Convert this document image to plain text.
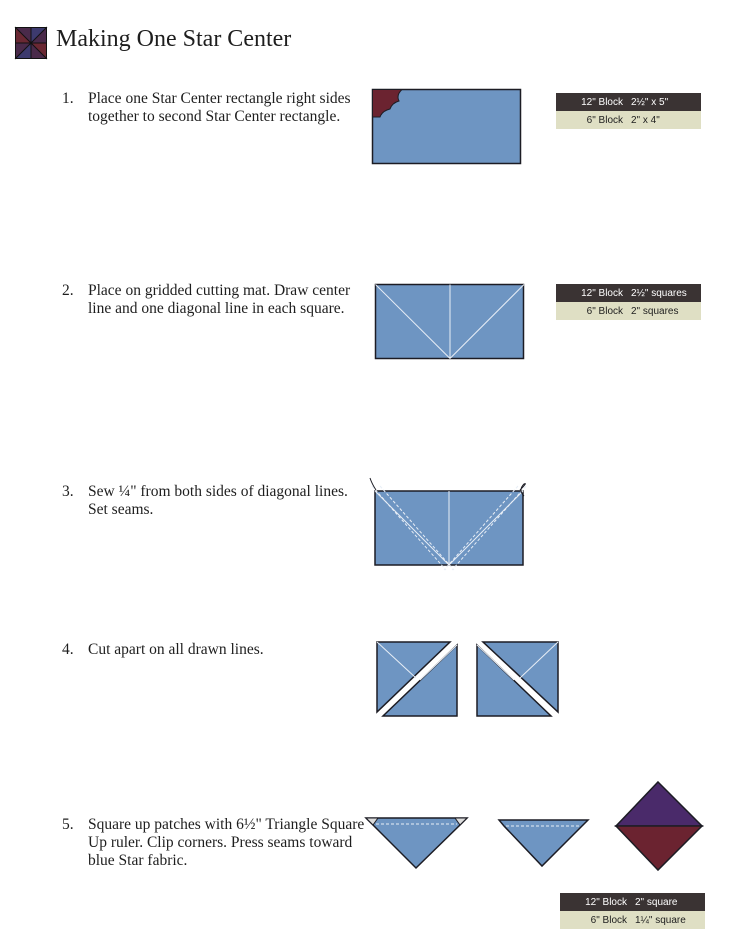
Making One Star Center
1. Place one Star Center rectangle right sides together to second Star Center rectangle.
12" Block 2½" x 5"
6" Block 2" x 4"
2. Place on gridded cutting mat. Draw center line and one diagonal line in each square.
12" Block 2½" squares
6" Block 2" squares
3. Sew ¼" from both sides of diagonal lines. Set seams.
4. Cut apart on all drawn lines.
5. Square up patches with 6½" Triangle Square Up ruler. Clip corners. Press seams toward blue Star fabric.
12" Block 2" square
6" Block 1¼" square
